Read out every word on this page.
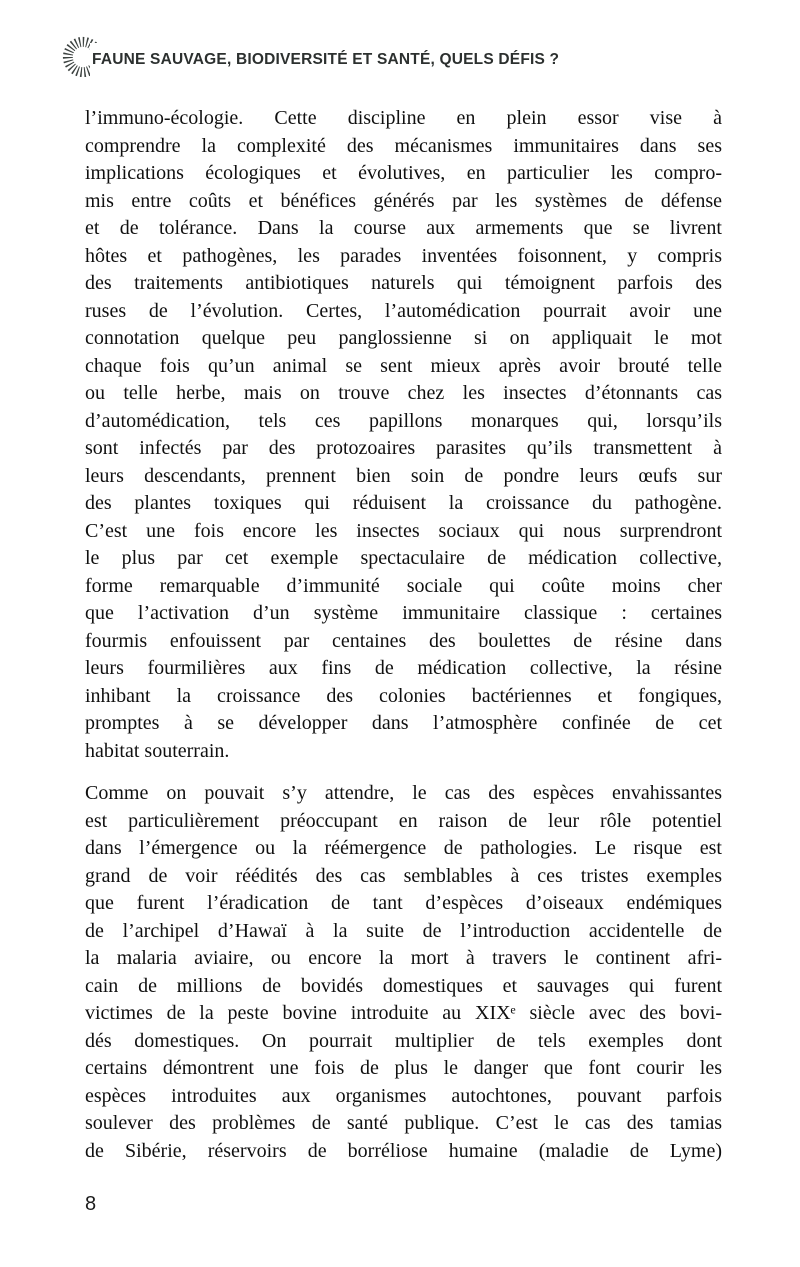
FAUNE SAUVAGE, BIODIVERSITÉ ET SANTÉ, QUELS DÉFIS ?
l’immuno-écologie. Cette discipline en plein essor vise à
comprendre la complexité des mécanismes immunitaires dans ses
implications écologiques et évolutives, en particulier les compro-
mis entre coûts et bénéfices générés par les systèmes de défense
et de tolérance. Dans la course aux armements que se livrent
hôtes et pathogènes, les parades inventées foisonnent, y compris
des traitements antibiotiques naturels qui témoignent parfois des
ruses de l’évolution. Certes, l’automédication pourrait avoir une
connotation quelque peu panglossienne si on appliquait le mot
chaque fois qu’un animal se sent mieux après avoir brouté telle
ou telle herbe, mais on trouve chez les insectes d’étonnants cas
d’automédication, tels ces papillons monarques qui, lorsqu’ils
sont infectés par des protozoaires parasites qu’ils transmettent à
leurs descendants, prennent bien soin de pondre leurs œufs sur
des plantes toxiques qui réduisent la croissance du pathogène.
C’est une fois encore les insectes sociaux qui nous surprendront
le plus par cet exemple spectaculaire de médication collective,
forme remarquable d’immunité sociale qui coûte moins cher
que l’activation d’un système immunitaire classique : certaines
fourmis enfouissent par centaines des boulettes de résine dans
leurs fourmilières aux fins de médication collective, la résine
inhibant la croissance des colonies bactériennes et fongiques,
promptes à se développer dans l’atmosphère confinée de cet
habitat souterrain.
Comme on pouvait s’y attendre, le cas des espèces envahissantes
est particulièrement préoccupant en raison de leur rôle potentiel
dans l’émergence ou la réémergence de pathologies. Le risque est
grand de voir réédités des cas semblables à ces tristes exemples
que furent l’éradication de tant d’espèces d’oiseaux endémiques
de l’archipel d’Hawaï à la suite de l’introduction accidentelle de
la malaria aviaire, ou encore la mort à travers le continent afri-
cain de millions de bovidés domestiques et sauvages qui furent
victimes de la peste bovine introduite au XIXᵉ siècle avec des bovi-
dés domestiques. On pourrait multiplier de tels exemples dont
certains démontrent une fois de plus le danger que font courir les
espèces introduites aux organismes autochtones, pouvant parfois
soulever des problèmes de santé publique. C’est le cas des tamias
de Sibérie, réservoirs de borréliose humaine (maladie de Lyme)
8
